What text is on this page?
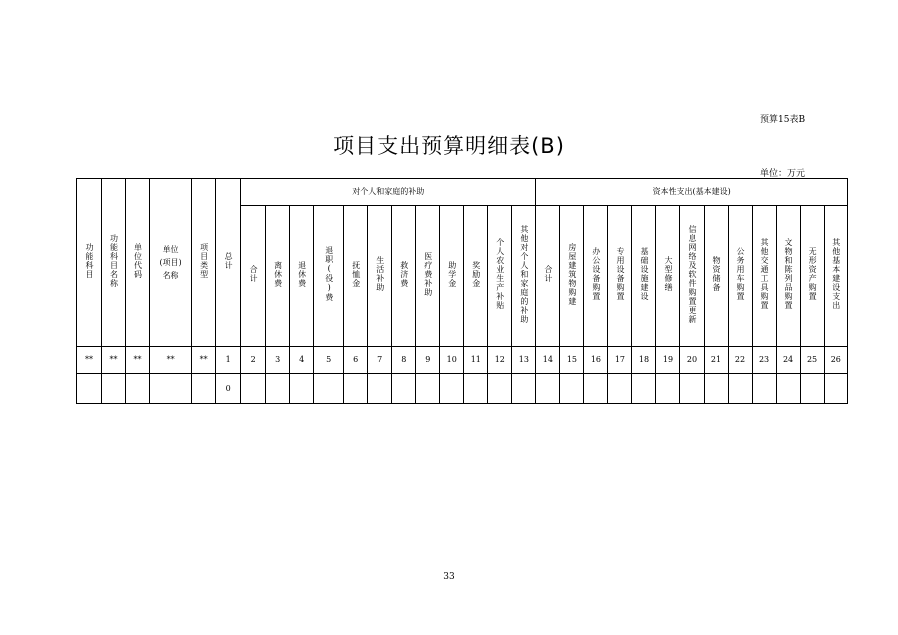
预算15表B
项目支出预算明细表(B)
单位：万元
功能科目	功能科目名称	单位代码	单位(项目)名称	项目类型	总计	对个人和家庭的补助												资本性支出(基本建设)												
						合计	离休费	退休费	退职(役)费	抚恤金	生活补助	救济费	医疗费补助	助学金	奖励金	个人农业生产补贴	其他对个人和家庭的补助	合计	房屋建筑物购建	办公设备购置	专用设备购置	基础设施建设	大型修缮	信息网络及软件购置更新	物资储备	公务用车购置	其他交通工具购置	文物和陈列品购置	无形资产购置	其他基本建设支出
**	**	**	**	**	1	2	3	4	5	6	7	8	9	10	11	12	13	14	15	16	17	18	19	20	21	22	23	24	25	26
					0																									
33
